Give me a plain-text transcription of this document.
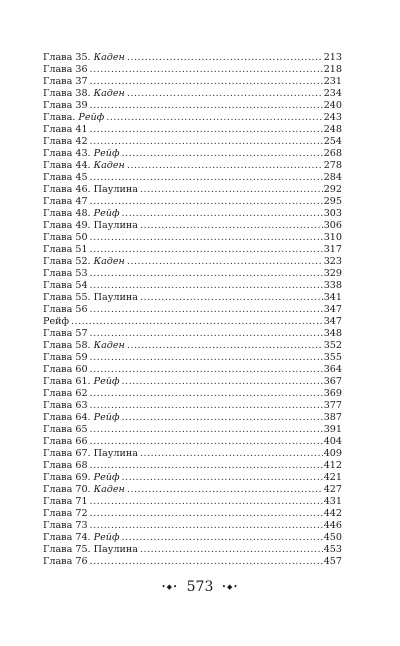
Глава 35. Каден .....	213
Глава 36 .....	218
Глава 37 .....	231
Глава 38. Каден .....	234
Глава 39 .....	240
Глава. Рейф .....	243
Глава 41 .....	248
Глава 42 .....	254
Глава 43. Рейф .....	268
Глава 44. Каден .....	278
Глава 45 .....	284
Глава 46. Паулина .....	292
Глава 47 .....	295
Глава 48. Рейф .....	303
Глава 49. Паулина .....	306
Глава 50 .....	310
Глава 51 .....	317
Глава 52. Каден .....	323
Глава 53 .....	329
Глава 54 .....	338
Глава 55. Паулина .....	341
Глава 56 .....	347
Рейф .....	347
Глава 57 .....	348
Глава 58. Каден .....	352
Глава 59 .....	355
Глава 60 .....	364
Глава 61. Рейф .....	367
Глава 62 .....	369
Глава 63 .....	377
Глава 64. Рейф .....	387
Глава 65 .....	391
Глава 66 .....	404
Глава 67. Паулина .....	409
Глава 68 .....	412
Глава 69. Рейф .....	421
Глава 70. Каден .....	427
Глава 71 .....	431
Глава 72 .....	442
Глава 73 .....	446
Глава 74. Рейф .....	450
Глава 75. Паулина .....	453
Глава 76 .....	457
•◆• 573 •◆•
